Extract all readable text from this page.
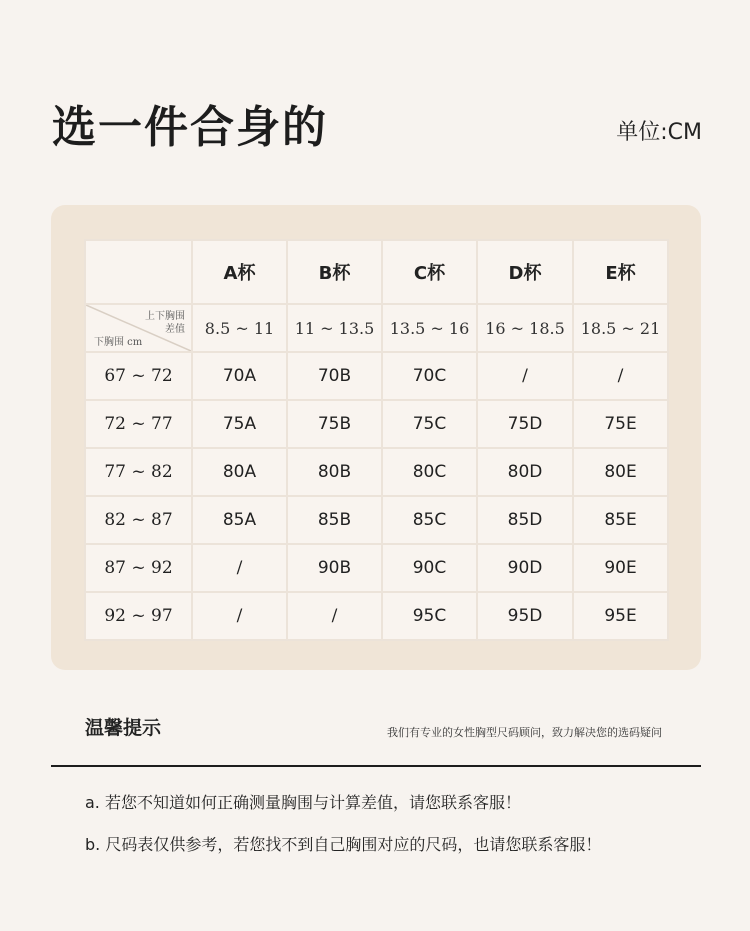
选一件合身的	单位:CM
	A杯	B杯	C杯	D杯	E杯

上下胸围
差值
下胸围 cm	8.5 ~ 11	11 ~ 13.5	13.5 ~ 16	16 ~ 18.5	18.5 ~ 21
67 ~ 72	70A	70B	70C	/	/
72 ~ 77	75A	75B	75C	75D	75E
77 ~ 82	80A	80B	80C	80D	80E
82 ~ 87	85A	85B	85C	85D	85E
87 ~ 92	/	90B	90C	90D	90E
92 ~ 97	/	/	95C	95D	95E
温馨提示	我们有专业的女性胸型尺码顾问，致力解决您的选码疑问
a. 若您不知道如何正确测量胸围与计算差值，请您联系客服！
b. 尺码表仅供参考，若您找不到自己胸围对应的尺码，也请您联系客服！
